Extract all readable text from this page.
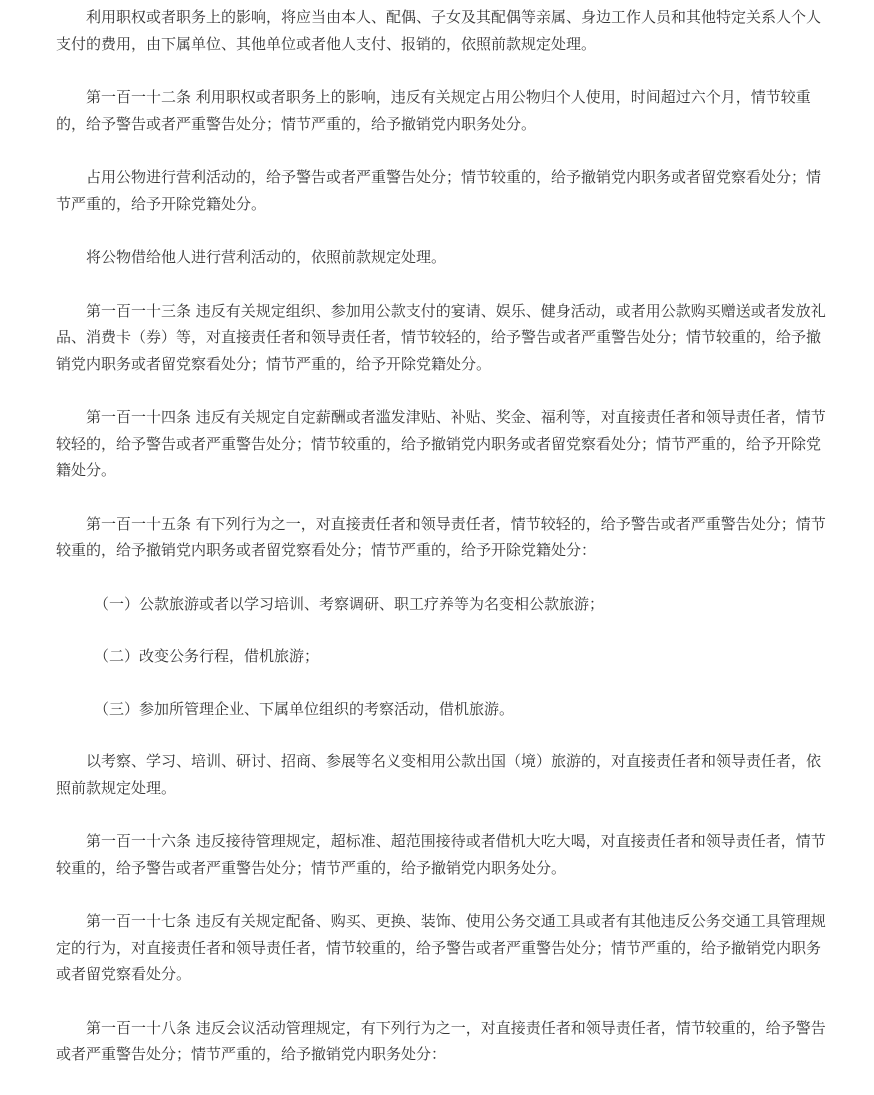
利用职权或者职务上的影响，将应当由本人、配偶、子女及其配偶等亲属、身边工作人员和其他特定关系人个人支付的费用，由下属单位、其他单位或者他人支付、报销的，依照前款规定处理。

第一百一十二条 利用职权或者职务上的影响，违反有关规定占用公物归个人使用，时间超过六个月，情节较重的，给予警告或者严重警告处分；情节严重的，给予撤销党内职务处分。

占用公物进行营利活动的，给予警告或者严重警告处分；情节较重的，给予撤销党内职务或者留党察看处分；情节严重的，给予开除党籍处分。

将公物借给他人进行营利活动的，依照前款规定处理。

第一百一十三条 违反有关规定组织、参加用公款支付的宴请、娱乐、健身活动，或者用公款购买赠送或者发放礼品、消费卡（券）等，对直接责任者和领导责任者，情节较轻的，给予警告或者严重警告处分；情节较重的，给予撤销党内职务或者留党察看处分；情节严重的，给予开除党籍处分。

第一百一十四条 违反有关规定自定薪酬或者滥发津贴、补贴、奖金、福利等，对直接责任者和领导责任者，情节较轻的，给予警告或者严重警告处分；情节较重的，给予撤销党内职务或者留党察看处分；情节严重的，给予开除党籍处分。

第一百一十五条 有下列行为之一，对直接责任者和领导责任者，情节较轻的，给予警告或者严重警告处分；情节较重的，给予撤销党内职务或者留党察看处分；情节严重的，给予开除党籍处分：

（一）公款旅游或者以学习培训、考察调研、职工疗养等为名变相公款旅游；

（二）改变公务行程，借机旅游；

（三）参加所管理企业、下属单位组织的考察活动，借机旅游。

以考察、学习、培训、研讨、招商、参展等名义变相用公款出国（境）旅游的，对直接责任者和领导责任者，依照前款规定处理。

第一百一十六条 违反接待管理规定，超标准、超范围接待或者借机大吃大喝，对直接责任者和领导责任者，情节较重的，给予警告或者严重警告处分；情节严重的，给予撤销党内职务处分。

第一百一十七条 违反有关规定配备、购买、更换、装饰、使用公务交通工具或者有其他违反公务交通工具管理规定的行为，对直接责任者和领导责任者，情节较重的，给予警告或者严重警告处分；情节严重的，给予撤销党内职务或者留党察看处分。

第一百一十八条 违反会议活动管理规定，有下列行为之一，对直接责任者和领导责任者，情节较重的，给予警告或者严重警告处分；情节严重的，给予撤销党内职务处分：
